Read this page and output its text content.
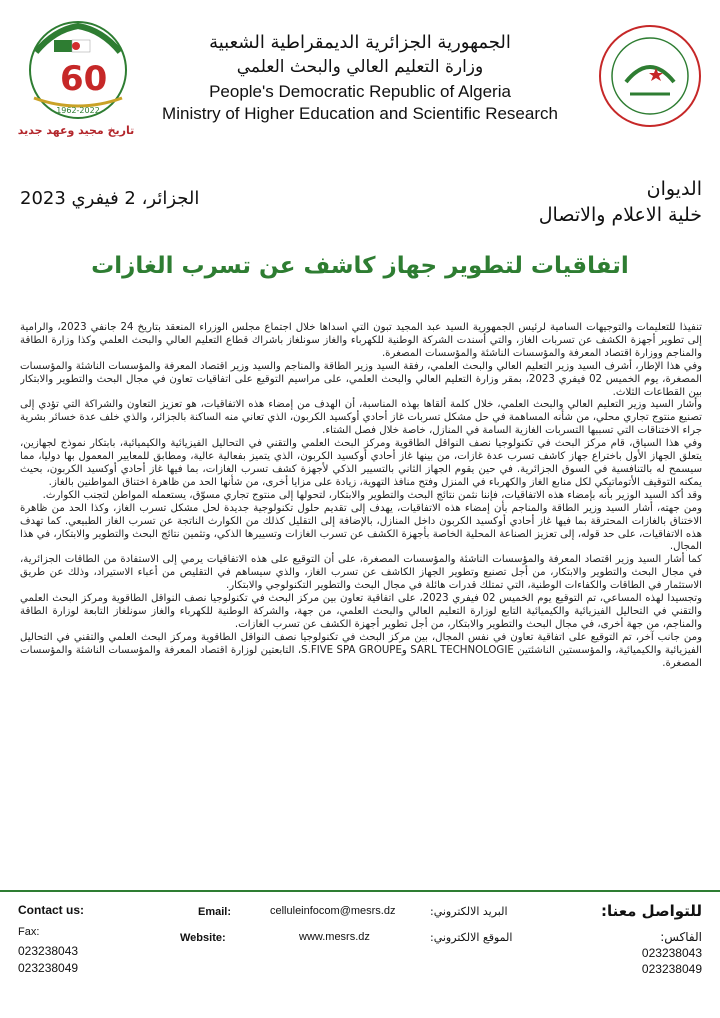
60
1962-2022
تاريخ مجيد وعهد جديد
الجمهورية الجزائرية الديمقراطية الشعبية
وزارة التعليم العالي والبحث العلمي
People's Democratic Republic of Algeria
Ministry of Higher Education and Scientific Research
الديوان
خلية الاعلام والاتصال
الجزائر، 2 فيفري 2023
اتفاقيات لتطوير جهاز كاشف عن تسرب الغازات

تنفيذا للتعليمات والتوجيهات السامية لرئيس الجمهورية السيد عبد المجيد تبون التي أسداها خلال اجتماع مجلس الوزراء المنعقد بتاريخ 24 جانفي 2023، والرامية إلى تطوير أجهزة الكشف عن تسربات الغاز، والتي أسندت الشركة الوطنية للكهرباء والغاز سونلغاز باشراك قطاع التعليم العالي والبحث العلمي وكذا وزارة الطاقة والمناجم ووزارة اقتصاد المعرفة والمؤسسات الناشئة والمؤسسات المصغرة.

وفي هذا الإطار، أشرف السيد وزير التعليم العالي والبحث العلمي، رفقة السيد وزير الطاقة والمناجم والسيد وزير اقتصاد المعرفة والمؤسسات الناشئة والمؤسسات المصغرة، يوم الخميس 02 فيفري 2023، بمقر وزارة التعليم العالي والبحث العلمي، على مراسيم التوقيع على اتفاقيات تعاون في مجال البحث والتطوير والابتكار بين القطاعات الثلاث.

وأشار السيد وزير التعليم العالي والبحث العلمي، خلال كلمة ألقاها بهذه المناسبة، أن الهدف من إمضاء هذه الاتفاقيات، هو تعزيز التعاون والشراكة التي تؤدي إلى تصنيع منتوج تجاري محلي، من شأنه المساهمة في حل مشكل تسربات غاز أحادي أوكسيد الكربون، الذي تعاني منه الساكنة بالجزائر، والذي خلف عدة خسائر بشرية جراء الاختناقات التي تسببها التسربات الغازية السامة في المنازل، خاصة خلال فصل الشتاء.

وفي هذا السياق، قام مركز البحث في تكنولوجيا نصف النواقل الطاقوية ومركز البحث العلمي والتقني في التحاليل الفيزيائية والكيميائية، بابتكار نموذج لجهازين، يتعلق الجهاز الأول باختراع جهاز كاشف تسرب عدة غازات، من بينها غاز أحادي أوكسيد الكربون، الذي يتميز بفعالية عالية، ومطابق للمعايير المعمول بها دوليا، مما سيسمح له بالتنافسية في السوق الجزائرية. في حين يقوم الجهاز الثاني بالتسيير الذكي لأجهزة كشف تسرب الغازات، بما فيها غاز أحادي أوكسيد الكربون، بحيث يمكنه التوقيف الأتوماتيكي لكل منابع الغاز والكهرباء في المنزل وفتح منافذ التهوية، زيادة على مزايا أخرى، من شأنها الحد من ظاهرة اختناق المواطنين بالغاز.

وقد أكد السيد الوزير بأنه بإمضاء هذه الاتفاقيات، فإننا نثمن نتائج البحث والتطوير والابتكار، لتحولها إلى منتوج تجاري مسوّق، يستعمله المواطن لتجنب الكوارث.

ومن جهته، أشار السيد وزير الطاقة والمناجم بأن إمضاء هذه الاتفاقيات، يهدف إلى تقديم حلول تكنولوجية جديدة لحل مشكل تسرب الغاز، وكذا الحد من ظاهرة الاختناق بالغازات المحترقة بما فيها غاز أحادي أوكسيد الكربون داخل المنازل، بالإضافة إلى التقليل كذلك من الكوارث الناتجة عن تسرب الغاز الطبيعي. كما تهدف هذه الاتفاقيات، على حد قوله، إلى تعزيز الصناعة المحلية الخاصة بأجهزة الكشف عن تسرب الغازات وتسييرها الذكي، وتثمين نتائج البحث والتطوير والابتكار، في هذا المجال.

كما أشار السيد وزير اقتصاد المعرفة والمؤسسات الناشئة والمؤسسات المصغرة، على أن التوقيع على هذه الاتفاقيات يرمي إلى الاستفادة من الطاقات الجزائرية، في مجال البحث والتطوير والابتكار، من أجل تصنيع وتطوير الجهاز الكاشف عن تسرب الغاز، والذي سيساهم في التقليص من أعباء الاستيراد، وذلك عن طريق الاستثمار في الطاقات والكفاءات الوطنية، التي تمتلك قدرات هائلة في مجال البحث والتطوير التكنولوجي والابتكار.

وتجسيدا لهذه المساعي، تم التوقيع يوم الخميس 02 فيفري 2023، على اتفاقية تعاون بين مركز البحث في تكنولوجيا نصف النواقل الطاقوية ومركز البحث العلمي والتقني في التحاليل الفيزيائية والكيميائية التابع لوزارة التعليم العالي والبحث العلمي، من جهة، والشركة الوطنية للكهرباء والغاز سونلغاز التابعة لوزارة الطاقة والمناجم، من جهة أخرى، في مجال البحث والتطوير والابتكار، من أجل تطوير أجهزة الكشف عن تسرب الغازات.

ومن جانب آخر، تم التوقيع على اتفاقية تعاون في نفس المجال، بين مركز البحث في تكنولوجيا نصف النواقل الطاقوية ومركز البحث العلمي والتقني في التحاليل الفيزيائية والكيميائية، والمؤسستين الناشئتين SARL TECHNOLOGIE وS.FIVE SPA GROUPE، التابعتين لوزارة اقتصاد المعرفة والمؤسسات الناشئة والمؤسسات المصغرة.

Contact us:
Fax:
023238043
023238049
Email:	celluleinfocom@mesrs.dz	البريد الالكتروني:
Website:	www.mesrs.dz	الموقع الالكتروني:
للتواصل معنا:
الفاكس:
023238043
023238049
